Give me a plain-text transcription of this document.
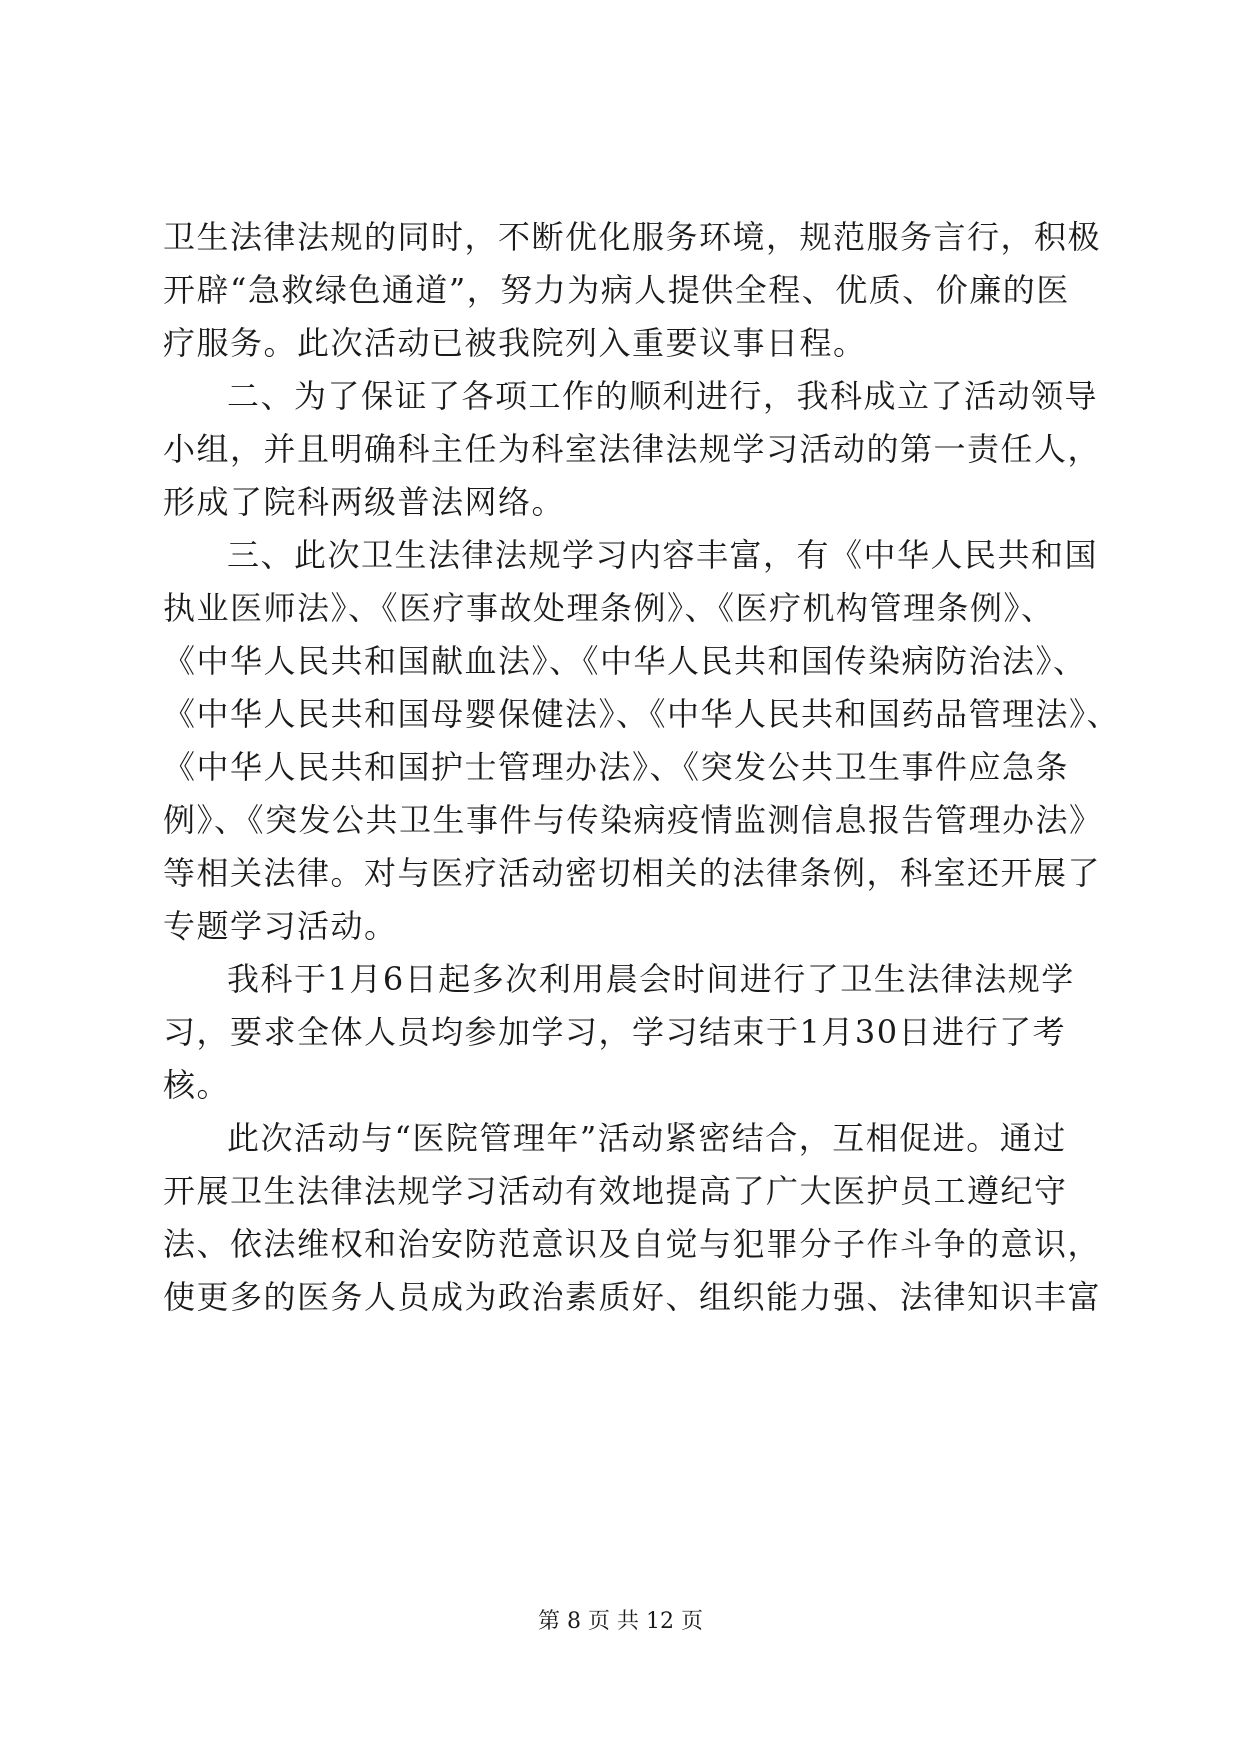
卫生法律法规的同时，不断优化服务环境，规范服务言行，积极
开辟“急救绿色通道”，努力为病人提供全程、优质、价廉的医
疗服务。此次活动已被我院列入重要议事日程。
二、为了保证了各项工作的顺利进行，我科成立了活动领导
小组，并且明确科主任为科室法律法规学习活动的第一责任人，
形成了院科两级普法网络。
三、此次卫生法律法规学习内容丰富，有《中华人民共和国
执业医师法》、《医疗事故处理条例》、《医疗机构管理条例》、
《中华人民共和国献血法》、《中华人民共和国传染病防治法》、
《中华人民共和国母婴保健法》、《中华人民共和国药品管理法》、
《中华人民共和国护士管理办法》、《突发公共卫生事件应急条
例》、《突发公共卫生事件与传染病疫情监测信息报告管理办法》
等相关法律。对与医疗活动密切相关的法律条例，科室还开展了
专题学习活动。
我科于1月6日起多次利用晨会时间进行了卫生法律法规学
习，要求全体人员均参加学习，学习结束于1月30日进行了考
核。
此次活动与“医院管理年”活动紧密结合，互相促进。通过
开展卫生法律法规学习活动有效地提高了广大医护员工遵纪守
法、依法维权和治安防范意识及自觉与犯罪分子作斗争的意识，
使更多的医务人员成为政治素质好、组织能力强、法律知识丰富
第 8 页 共 12 页
